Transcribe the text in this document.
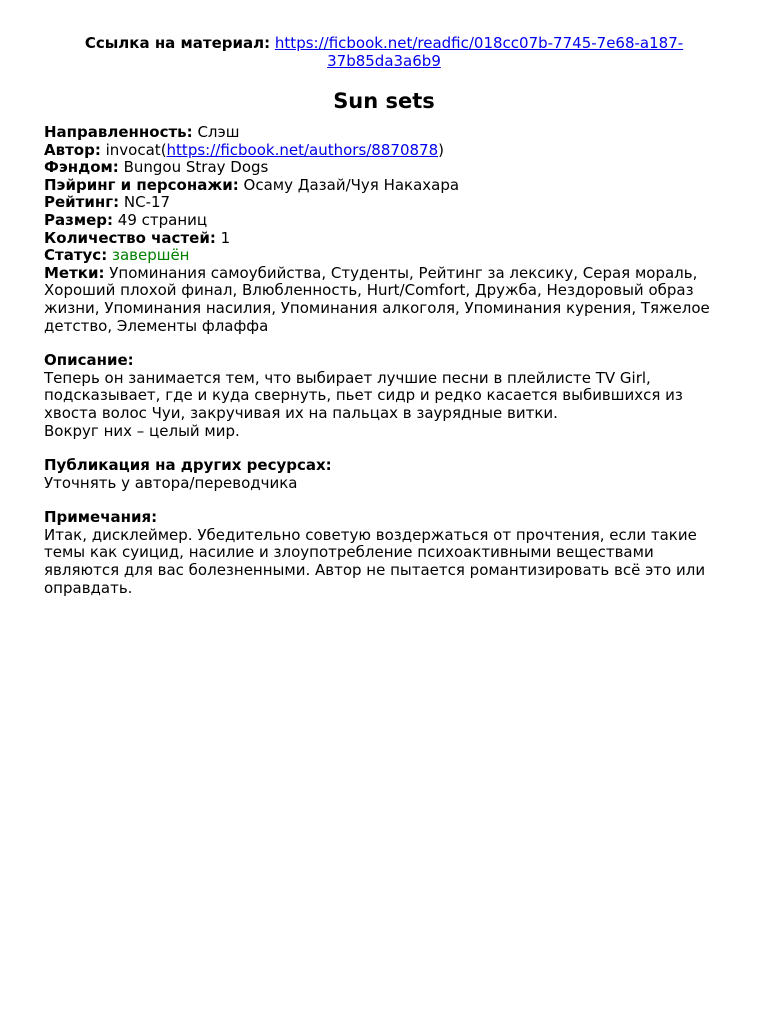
Ссылка на материал: https://ficbook.net/readfic/018cc07b-7745-7e68-a187-
37b85da3a6b9
Sun sets
Направленность: Слэш
Автор: invocat(https://ficbook.net/authors/8870878)
Фэндом: Bungou Stray Dogs
Пэйринг и персонажи: Осаму Дазай/Чуя Накахара
Рейтинг: NC-17
Размер: 49 страниц
Количество частей: 1
Статус: завершён
Метки: Упоминания самоубийства, Студенты, Рейтинг за лексику, Серая мораль, Хороший плохой финал, Влюбленность, Hurt/Comfort, Дружба, Нездоровый образ жизни, Упоминания насилия, Упоминания алкоголя, Упоминания курения, Тяжелое детство, Элементы флаффа
Описание:
Теперь он занимается тем, что выбирает лучшие песни в плейлисте TV Girl, подсказывает, где и куда свернуть, пьет сидр и редко касается выбившихся из хвоста волос Чуи, закручивая их на пальцах в заурядные витки.
Вокруг них – целый мир.
Публикация на других ресурсах:
Уточнять у автора/переводчика
Примечания:
Итак, дисклеймер. Убедительно советую воздержаться от прочтения, если такие темы как суицид, насилие и злоупотребление психоактивными веществами являются для вас болезненными. Автор не пытается романтизировать всё это или оправдать.
